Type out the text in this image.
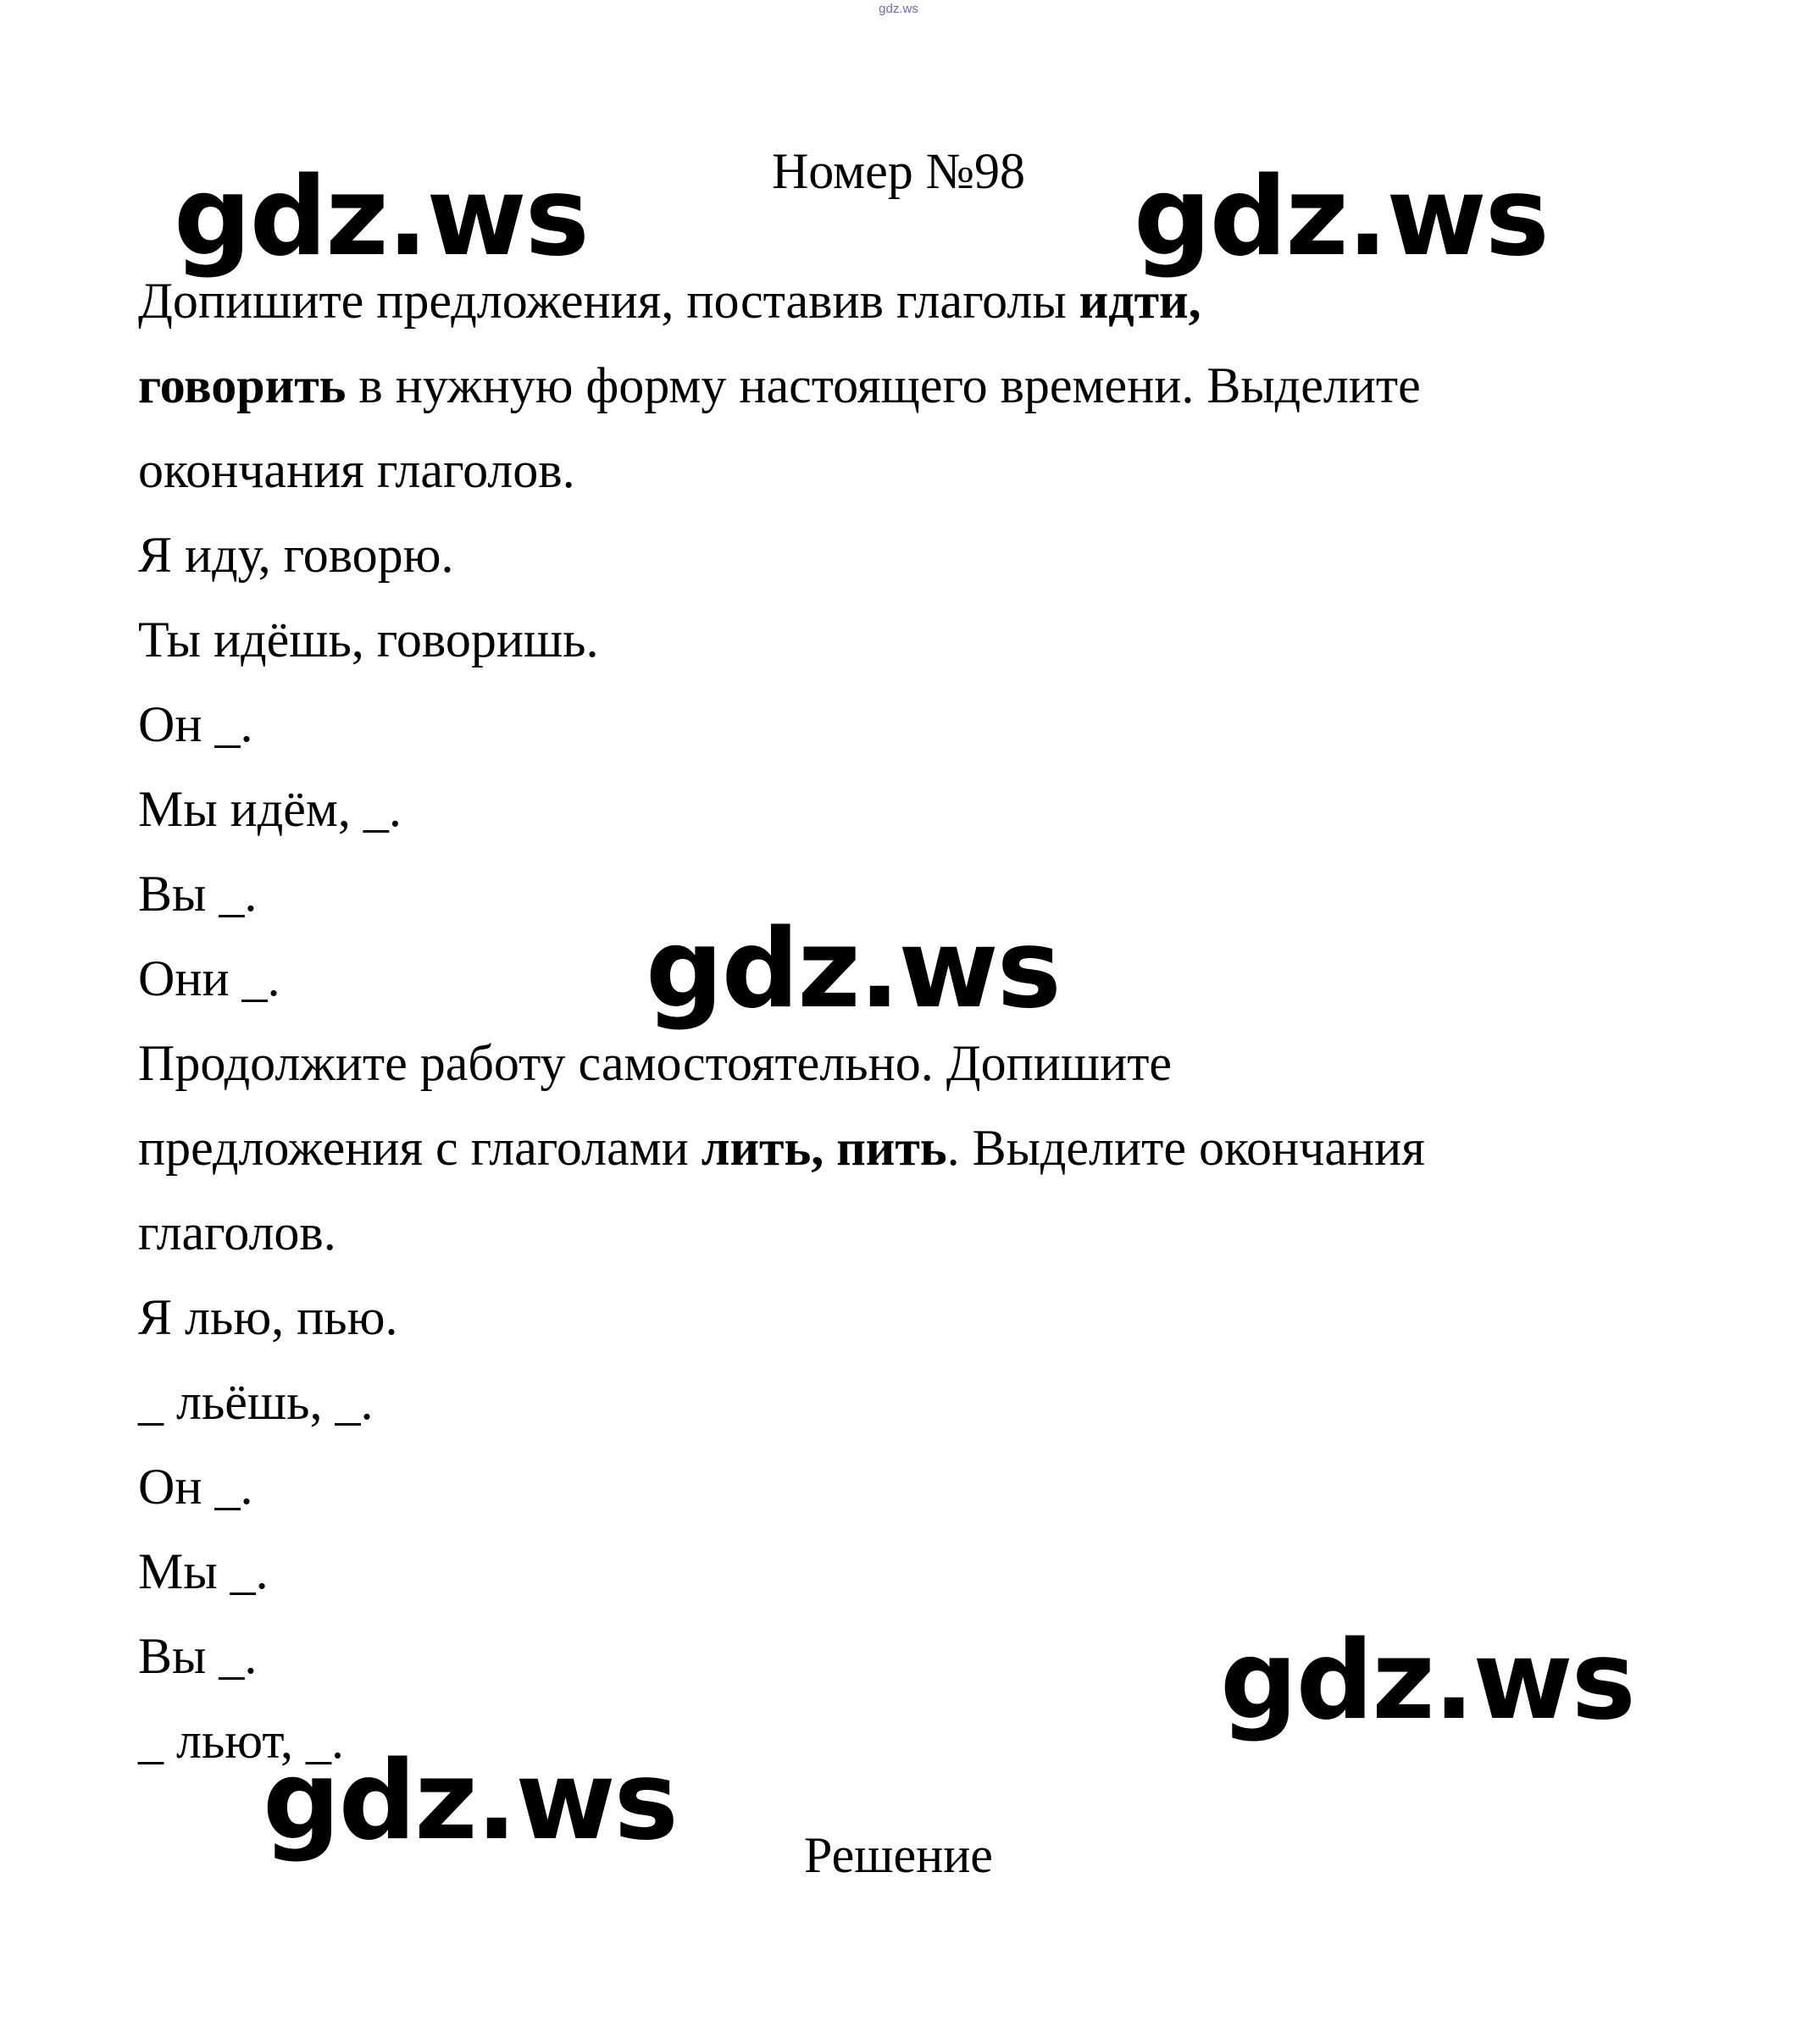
gdz.ws
Номер №98
Допишите предложения, поставив глаголы идти,
говорить в нужную форму настоящего времени. Выделите
окончания глаголов.
Я иду, говорю.
Ты идёшь, говоришь.
Он _.
Мы идём, _.
Вы _.
Они _.
Продолжите работу самостоятельно. Допишите
предложения с глаголами лить, пить. Выделите окончания
глаголов.
Я лью, пью.
_ льёшь, _.
Он _.
Мы _.
Вы _.
_ льют, _.
Решение
gdz.ws	gdz.ws
gdz.ws
gdz.ws
gdz.ws
